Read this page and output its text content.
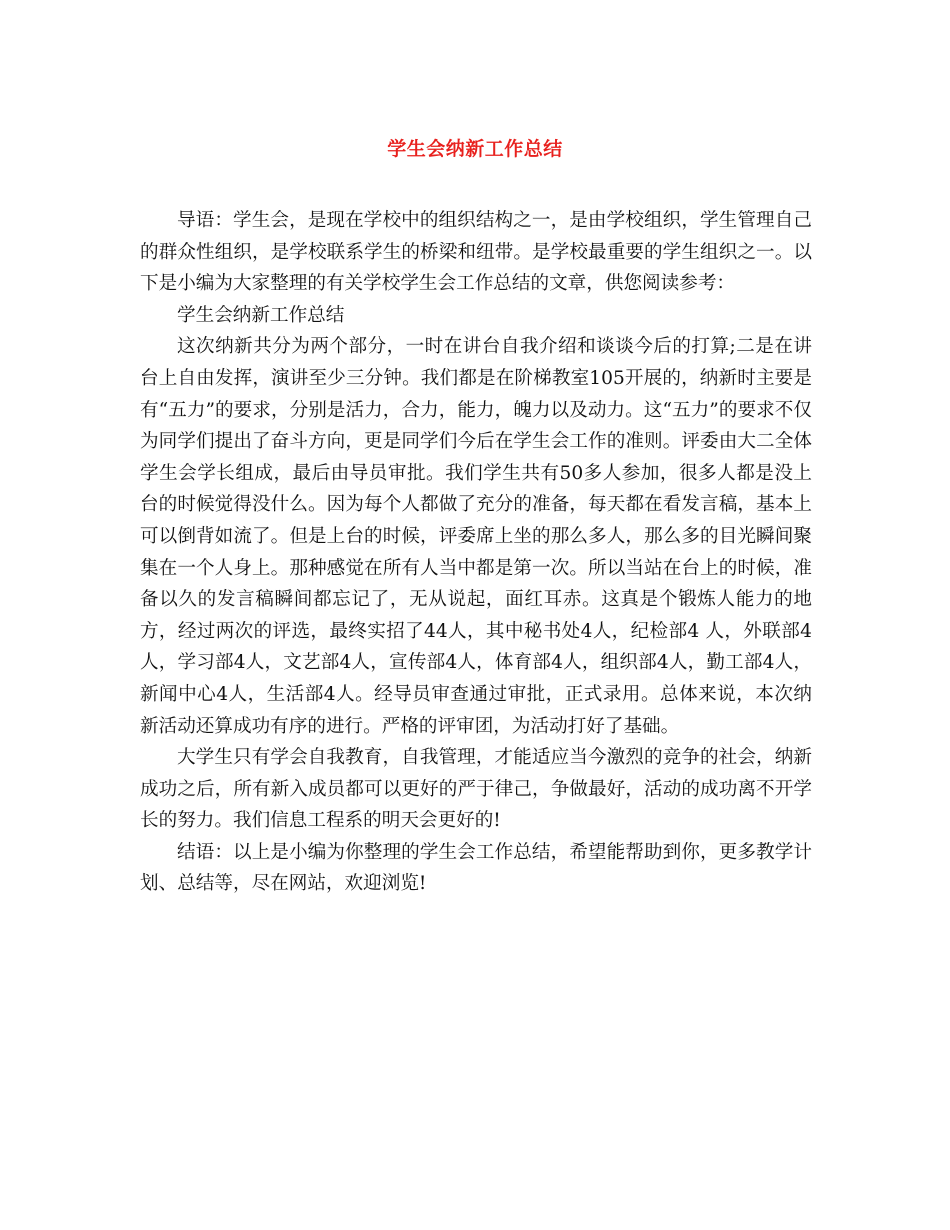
学生会纳新工作总结

导语：学生会，是现在学校中的组织结构之一，是由学校组织，学生管理自己的群众性组织，是学校联系学生的桥梁和纽带。是学校最重要的学生组织之一。以下是小编为大家整理的有关学校学生会工作总结的文章，供您阅读参考：

学生会纳新工作总结

这次纳新共分为两个部分，一时在讲台自我介绍和谈谈今后的打算;二是在讲台上自由发挥，演讲至少三分钟。我们都是在阶梯教室105开展的，纳新时主要是有“五力”的要求，分别是活力，合力，能力，魄力以及动力。这“五力”的要求不仅为同学们提出了奋斗方向，更是同学们今后在学生会工作的准则。评委由大二全体学生会学长组成，最后由导员审批。我们学生共有50多人参加，很多人都是没上台的时候觉得没什么。因为每个人都做了充分的准备，每天都在看发言稿，基本上可以倒背如流了。但是上台的时候，评委席上坐的那么多人，那么多的目光瞬间聚集在一个人身上。那种感觉在所有人当中都是第一次。所以当站在台上的时候，准备以久的发言稿瞬间都忘记了，无从说起，面红耳赤。这真是个锻炼人能力的地方，经过两次的评选，最终实招了44人，其中秘书处4人，纪检部4 人，外联部4人，学习部4人，文艺部4人，宣传部4人，体育部4人，组织部4人，勤工部4人，新闻中心4人，生活部4人。经导员审查通过审批，正式录用。总体来说，本次纳新活动还算成功有序的进行。严格的评审团，为活动打好了基础。

大学生只有学会自我教育，自我管理，才能适应当今激烈的竞争的社会，纳新成功之后，所有新入成员都可以更好的严于律己，争做最好，活动的成功离不开学长的努力。我们信息工程系的明天会更好的!

结语：以上是小编为你整理的学生会工作总结，希望能帮助到你，更多教学计划、总结等，尽在网站，欢迎浏览!
